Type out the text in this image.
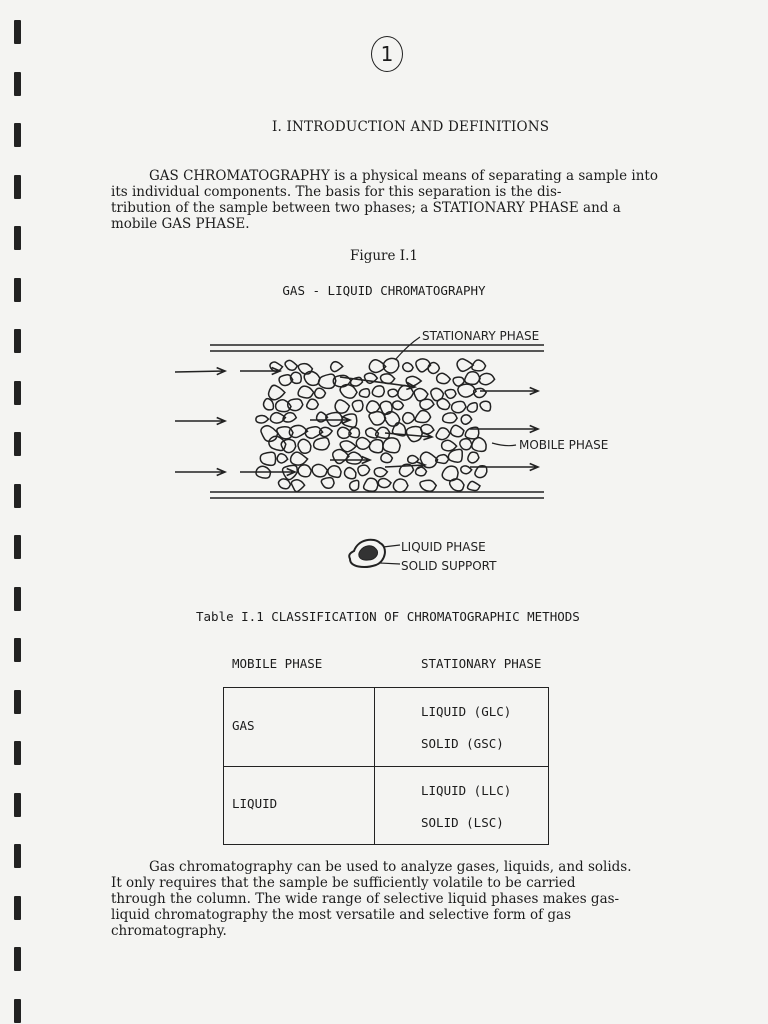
1
I. INTRODUCTION AND DEFINITIONS

GAS CHROMATOGRAPHY is a physical means of separating a sample into
its individual components. The basis for this separation is the dis-
tribution of the sample between two phases; a STATIONARY PHASE and a
mobile GAS PHASE.

Figure I.1
GAS - LIQUID CHROMATOGRAPHY
STATIONARY PHASE
MOBILE PHASE
LIQUID PHASE
SOLID SUPPORT
Table I.1 CLASSIFICATION OF CHROMATOGRAPHIC METHODS
MOBILE PHASE	STATIONARY PHASE
GAS
LIQUID (GLC)
SOLID (GSC)
LIQUID
LIQUID (LLC)
SOLID (LSC)

Gas chromatography can be used to analyze gases, liquids, and solids.
It only requires that the sample be sufficiently volatile to be carried
through the column. The wide range of selective liquid phases makes gas-
liquid chromatography the most versatile and selective form of gas
chromatography.
